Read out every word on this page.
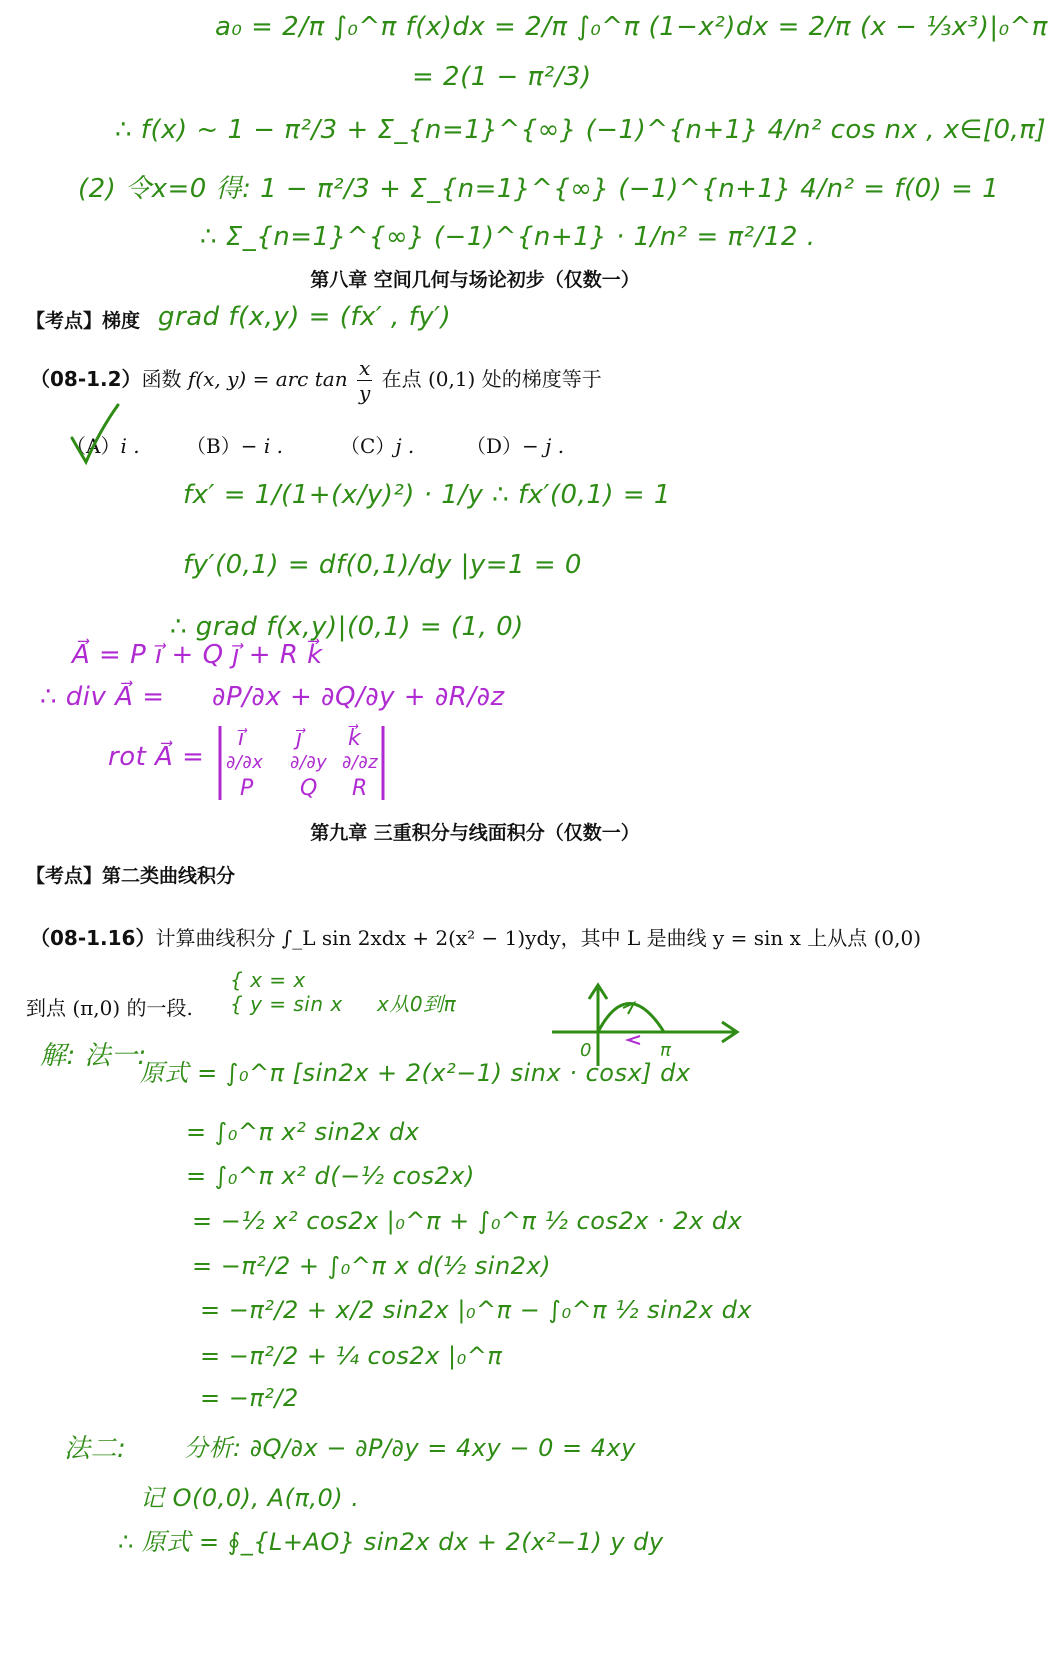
a₀ = 2/π ∫₀^π f(x)dx = 2/π ∫₀^π (1−x²)dx = 2/π (x − ⅓x³)|₀^π
= 2(1 − π²/3)
∴ f(x) ~ 1 − π²/3 + Σ_{n=1}^{∞} (−1)^{n+1} 4/n² cos nx , x∈[0,π]
(2) 令x=0 得: 1 − π²/3 + Σ_{n=1}^{∞} (−1)^{n+1} 4/n² = f(0) = 1
∴ Σ_{n=1}^{∞} (−1)^{n+1} · 1/n² = π²/12 .
第八章 空间几何与场论初步（仅数一）
【考点】梯度 grad f(x,y) = (fx′ , fy′)
（08-1.2）函数 f(x, y) = arc $\tan \frac{x}{y}$ 在点 (0,1) 处的梯度等于
（A）i . （B）− i .	（C）j .	（D）− j .
fx′ = 1/(1+(x/y)²) · 1/y ∴ fx′(0,1) = 1
fy′(0,1) = df(0,1)/dy |y=1 = 0
∴ grad f(x,y)|(0,1) = (1, 0)
A⃗ = P i⃗ + Q j⃗ + R k⃗
∴ div A⃗ = ∂P/∂x + ∂Q/∂y + ∂R/∂z
rot A⃗ =
i⃗ j⃗ k⃗
∂/∂x ∂/∂y ∂/∂z
P Q R
第九章 三重积分与线面积分（仅数一）
【考点】第二类曲线积分
（08-1.16）计算曲线积分 ∫_L sin 2xdx + 2(x² − 1)ydy，其中 L 是曲线 y = sin x 上从点 (0,0)
到点 (π,0) 的一段.
{ x = x
{ y = sin x     x从0到π
0	π
解: 法一:
原式 = ∫₀^π [sin2x + 2(x²−1) sinx · cosx] dx
= ∫₀^π x² sin2x dx
= ∫₀^π x² d(−½ cos2x)
= −½ x² cos2x |₀^π + ∫₀^π ½ cos2x · 2x dx
= −π²/2 + ∫₀^π x d(½ sin2x)
= −π²/2 + x/2 sin2x |₀^π − ∫₀^π ½ sin2x dx
= −π²/2 + ¼ cos2x |₀^π
= −π²/2
法二: 分析: ∂Q/∂x − ∂P/∂y = 4xy − 0 = 4xy
记 O(0,0), A(π,0) .
∴ 原式 = ∮_{L+AO} sin2x dx + 2(x²−1) y dy
